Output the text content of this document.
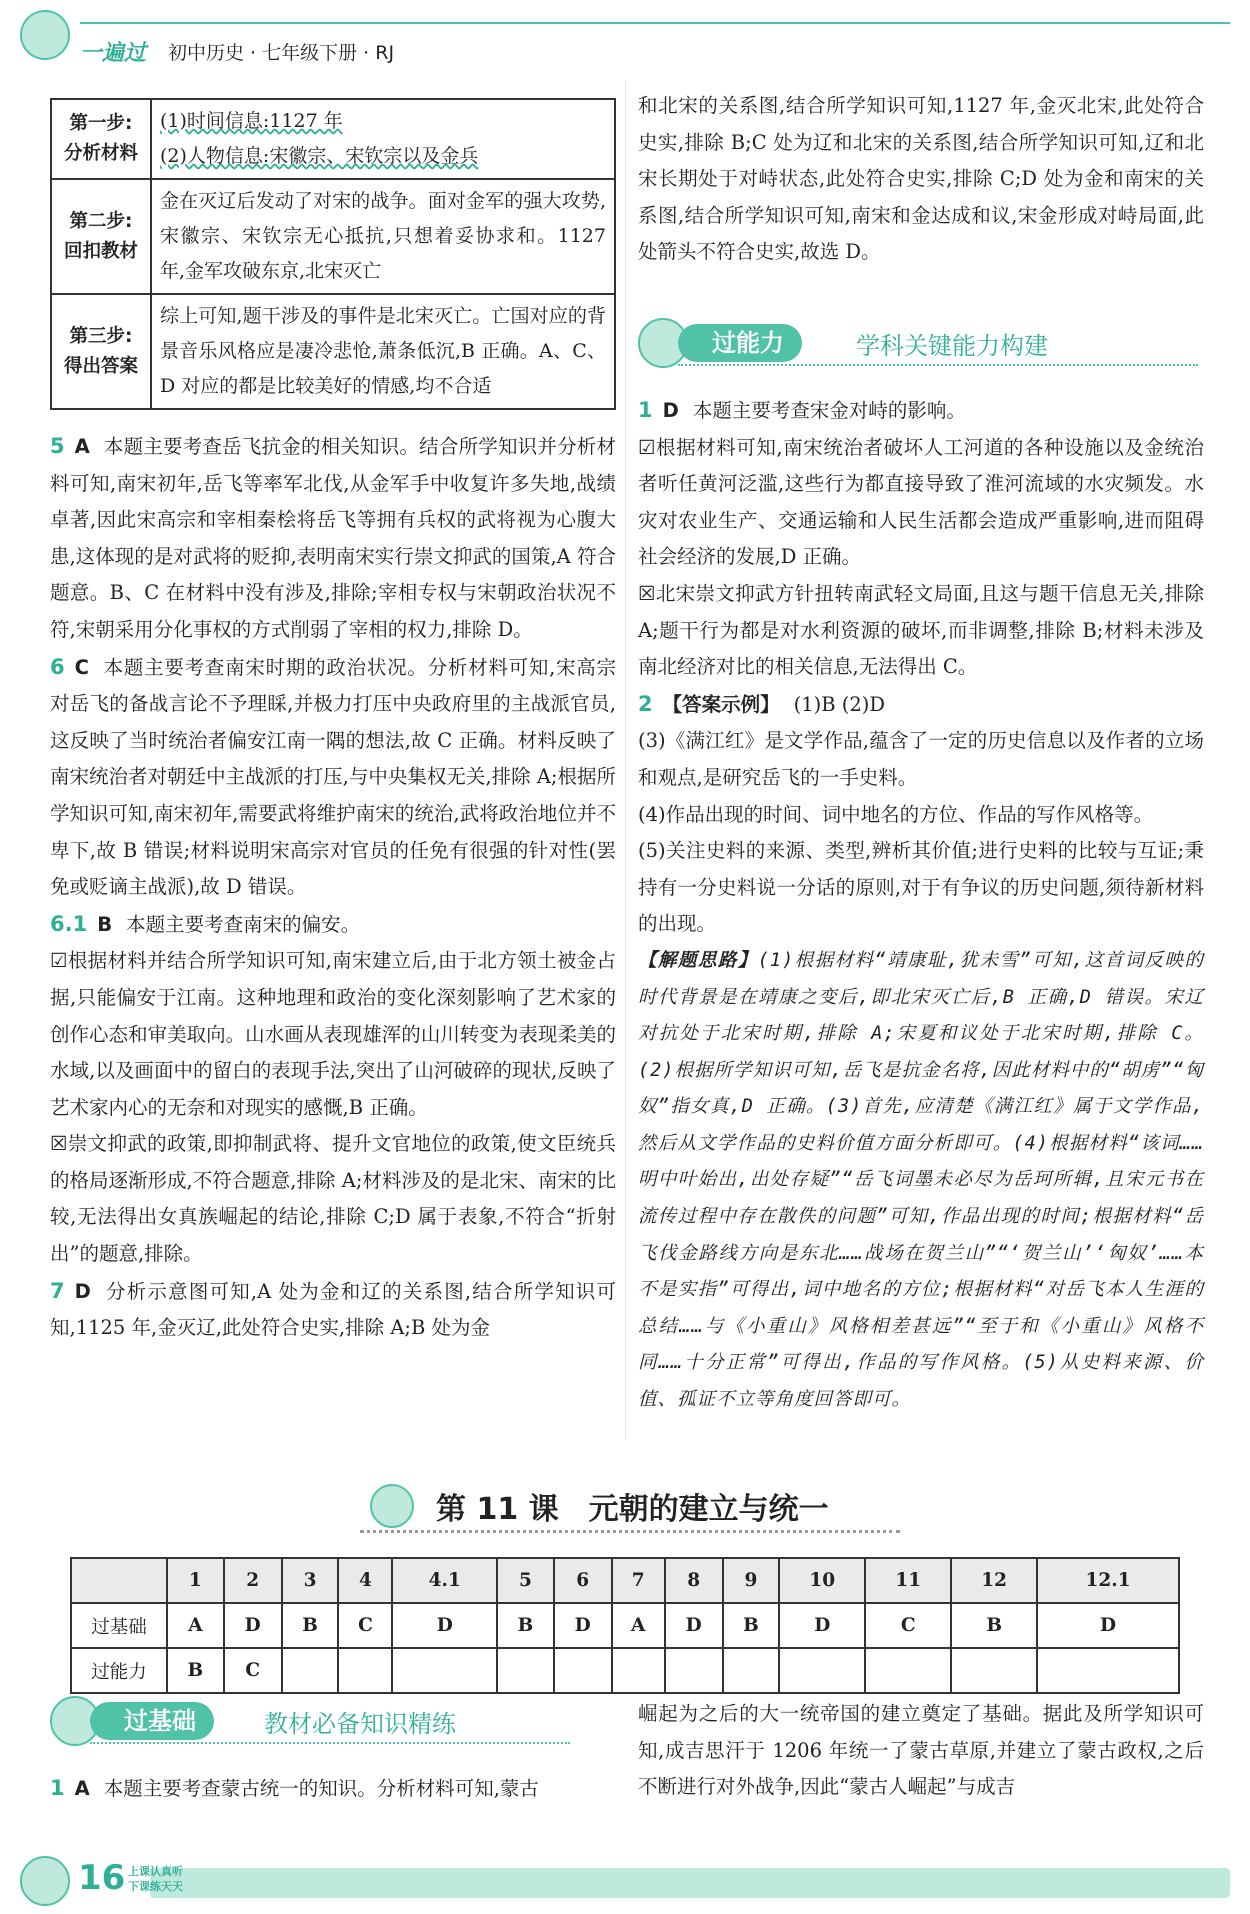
一遍过 初中历史 · 七年级下册 · RJ
第一步:
分析材料	(1)时间信息:1127 年
(2)人物信息:宋徽宗、宋钦宗以及金兵
第二步:
回扣教材	金在灭辽后发动了对宋的战争。面对金军的强大攻势,宋徽宗、宋钦宗无心抵抗,只想着妥协求和。1127 年,金军攻破东京,北宋灭亡
第三步:
得出答案	综上可知,题干涉及的事件是北宋灭亡。亡国对应的背景音乐风格应是凄冷悲怆,萧条低沉,B 正确。A、C、D 对应的都是比较美好的情感,均不合适

5 A 本题主要考查岳飞抗金的相关知识。结合所学知识并分析材料可知,南宋初年,岳飞等率军北伐,从金军手中收复许多失地,战绩卓著,因此宋高宗和宰相秦桧将岳飞等拥有兵权的武将视为心腹大患,这体现的是对武将的贬抑,表明南宋实行崇文抑武的国策,A 符合题意。B、C 在材料中没有涉及,排除;宰相专权与宋朝政治状况不符,宋朝采用分化事权的方式削弱了宰相的权力,排除 D。

6 C 本题主要考查南宋时期的政治状况。分析材料可知,宋高宗对岳飞的备战言论不予理睬,并极力打压中央政府里的主战派官员,这反映了当时统治者偏安江南一隅的想法,故 C 正确。材料反映了南宋统治者对朝廷中主战派的打压,与中央集权无关,排除 A;根据所学知识可知,南宋初年,需要武将维护南宋的统治,武将政治地位并不卑下,故 B 错误;材料说明宋高宗对官员的任免有很强的针对性(罢免或贬谪主战派),故 D 错误。

6.1 B 本题主要考查南宋的偏安。

☑根据材料并结合所学知识可知,南宋建立后,由于北方领土被金占据,只能偏安于江南。这种地理和政治的变化深刻影响了艺术家的创作心态和审美取向。山水画从表现雄浑的山川转变为表现柔美的水域,以及画面中的留白的表现手法,突出了山河破碎的现状,反映了艺术家内心的无奈和对现实的感慨,B 正确。

☒崇文抑武的政策,即抑制武将、提升文官地位的政策,使文臣统兵的格局逐渐形成,不符合题意,排除 A;材料涉及的是北宋、南宋的比较,无法得出女真族崛起的结论,排除 C;D 属于表象,不符合“折射出”的题意,排除。

7 D 分析示意图可知,A 处为金和辽的关系图,结合所学知识可知,1125 年,金灭辽,此处符合史实,排除 A;B 处为金

和北宋的关系图,结合所学知识可知,1127 年,金灭北宋,此处符合史实,排除 B;C 处为辽和北宋的关系图,结合所学知识可知,辽和北宋长期处于对峙状态,此处符合史实,排除 C;D 处为金和南宋的关系图,结合所学知识可知,南宋和金达成和议,宋金形成对峙局面,此处箭头不符合史实,故选 D。

过能力	学科关键能力构建

1 D 本题主要考查宋金对峙的影响。

☑根据材料可知,南宋统治者破坏人工河道的各种设施以及金统治者听任黄河泛滥,这些行为都直接导致了淮河流域的水灾频发。水灾对农业生产、交通运输和人民生活都会造成严重影响,进而阻碍社会经济的发展,D 正确。

☒北宋崇文抑武方针扭转南武轻文局面,且这与题干信息无关,排除 A;题干行为都是对水利资源的破坏,而非调整,排除 B;材料未涉及南北经济对比的相关信息,无法得出 C。

2 【答案示例】 (1)B (2)D

(3)《满江红》是文学作品,蕴含了一定的历史信息以及作者的立场和观点,是研究岳飞的一手史料。

(4)作品出现的时间、词中地名的方位、作品的写作风格等。

(5)关注史料的来源、类型,辨析其价值;进行史料的比较与互证;秉持有一分史料说一分话的原则,对于有争议的历史问题,须待新材料的出现。

【解题思路】(1)根据材料“靖康耻,犹未雪”可知,这首词反映的时代背景是在靖康之变后,即北宋灭亡后,B 正确,D 错误。宋辽对抗处于北宋时期,排除 A;宋夏和议处于北宋时期,排除 C。(2)根据所学知识可知,岳飞是抗金名将,因此材料中的“胡虏”“匈奴”指女真,D 正确。(3)首先,应清楚《满江红》属于文学作品,然后从文学作品的史料价值方面分析即可。(4)根据材料“该词……明中叶始出,出处存疑”“岳飞词墨未必尽为岳珂所辑,且宋元书在流传过程中存在散佚的问题”可知,作品出现的时间;根据材料“岳飞伐金路线方向是东北……战场在贺兰山”“‘贺兰山’‘匈奴’……本不是实指”可得出,词中地名的方位;根据材料“对岳飞本人生涯的总结……与《小重山》风格相差甚远”“至于和《小重山》风格不同……十分正常”可得出,作品的写作风格。(5)从史料来源、价值、孤证不立等角度回答即可。

第 11 课　元朝的建立与统一
	1	2	3	4	4.1	5	6	7	8	9	10	11	12	12.1
过基础	A	D	B	C	D	B	D	A	D	B	D	C	B	D
过能力	B	C												
过基础	教材必备知识精练

1 A 本题主要考查蒙古统一的知识。分析材料可知,蒙古

崛起为之后的大一统帝国的建立奠定了基础。据此及所学知识可知,成吉思汗于 1206 年统一了蒙古草原,并建立了蒙古政权,之后不断进行对外战争,因此“蒙古人崛起”与成吉

16 上课认真听
下课练天天
